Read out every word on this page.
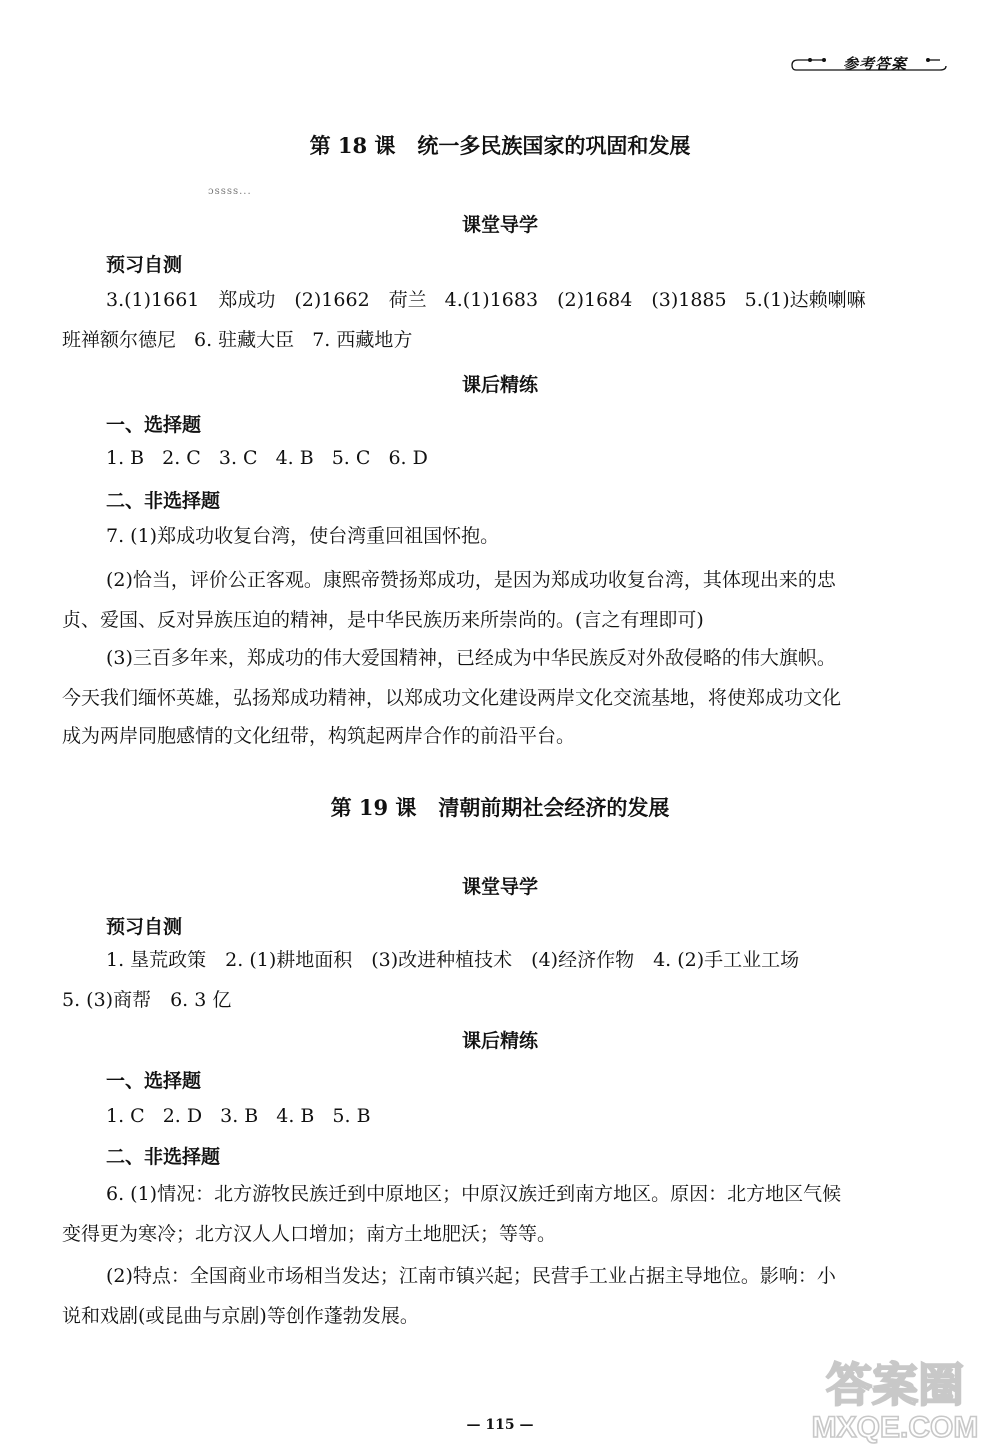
参考答案
第 18 课 统一多民族国家的巩固和发展
ɔssss...
课堂导学
预习自测
3.(1)1661　郑成功　(2)1662　荷兰 4.(1)1683　(2)1684　(3)1885 5.(1)达赖喇嘛
班禅额尔德尼 6. 驻藏大臣 7. 西藏地方
课后精练
一、选择题
1. B 2. C 3. C 4. B 5. C 6. D
二、非选择题
7. (1)郑成功收复台湾，使台湾重回祖国怀抱。
(2)恰当，评价公正客观。康熙帝赞扬郑成功，是因为郑成功收复台湾，其体现出来的忠
贞、爱国、反对异族压迫的精神，是中华民族历来所崇尚的。(言之有理即可)
(3)三百多年来，郑成功的伟大爱国精神，已经成为中华民族反对外敌侵略的伟大旗帜。
今天我们缅怀英雄，弘扬郑成功精神，以郑成功文化建设两岸文化交流基地，将使郑成功文化
成为两岸同胞感情的文化纽带，构筑起两岸合作的前沿平台。
第 19 课 清朝前期社会经济的发展
课堂导学
预习自测
1. 垦荒政策　2. (1)耕地面积　(3)改进种植技术　(4)经济作物　4. (2)手工业工场
5. (3)商帮　6. 3 亿
课后精练
一、选择题
1. C 2. D 3. B 4. B 5. B
二、非选择题
6. (1)情况：北方游牧民族迁到中原地区；中原汉族迁到南方地区。原因：北方地区气候
变得更为寒冷；北方汉人人口增加；南方土地肥沃；等等。
(2)特点：全国商业市场相当发达；江南市镇兴起；民营手工业占据主导地位。影响：小
说和戏剧(或昆曲与京剧)等创作蓬勃发展。
答案圈
MXQE.COM
— 115 —
